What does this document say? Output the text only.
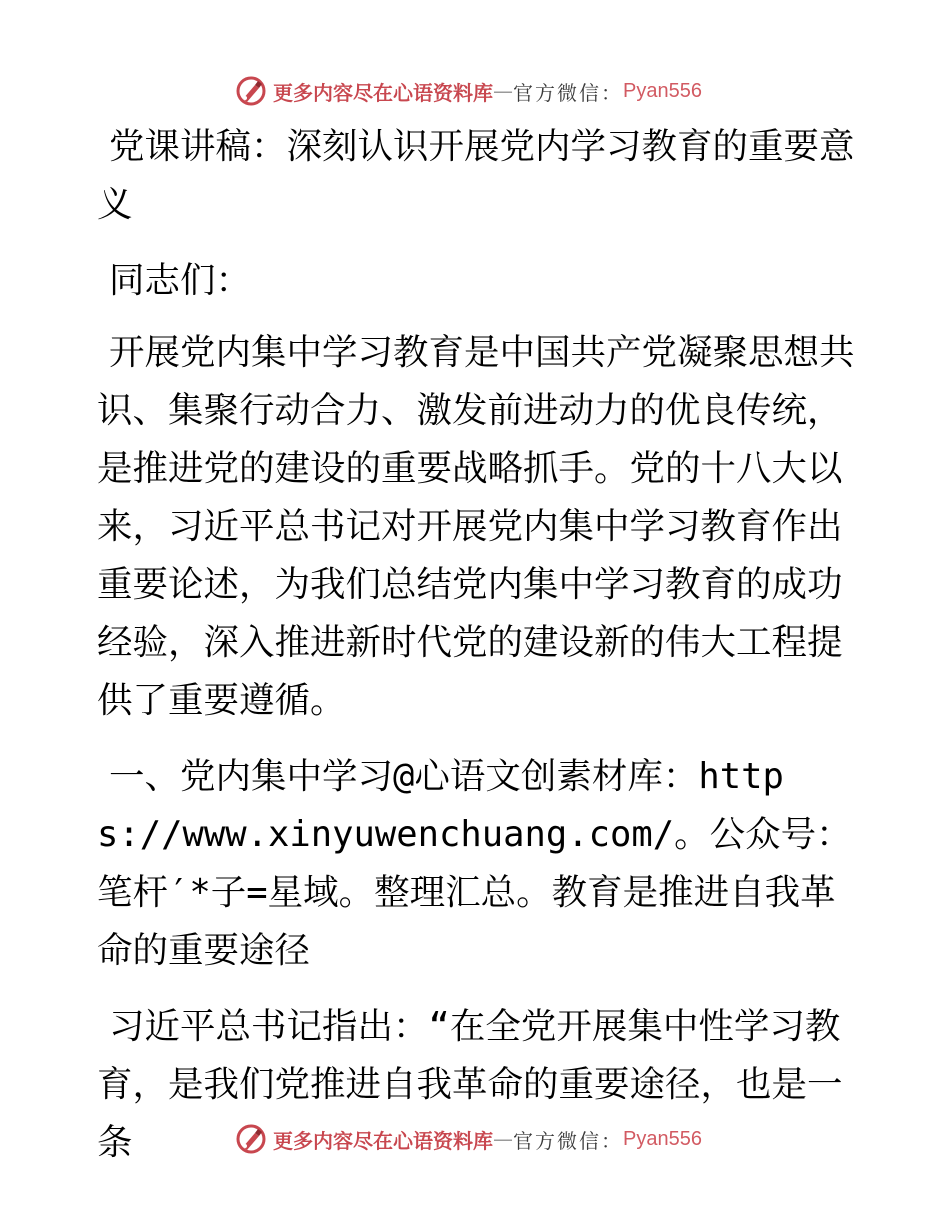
更多内容尽在心语资料库 — 官方微信： Pyan556

党课讲稿：深刻认识开展党内学习教育的重要意义

同志们：

开展党内集中学习教育是中国共产党凝聚思想共识、集聚行动合力、激发前进动力的优良传统，是推进党的建设的重要战略抓手。党的十八大以来，习近平总书记对开展党内集中学习教育作出重要论述，为我们总结党内集中学习教育的成功经验，深入推进新时代党的建设新的伟大工程提供了重要遵循。

一、党内集中学习@心语文创素材库：https://www.xinyuwenchuang.com/。公众号：笔杆′*子=星域。整理汇总。教育是推进自我革命的重要途径

习近平总书记指出：“在全党开展集中性学习教育，是我们党推进自我革命的重要途径，也是一条	更多内容尽在心语资料库 — 官方微信： Pyan556
